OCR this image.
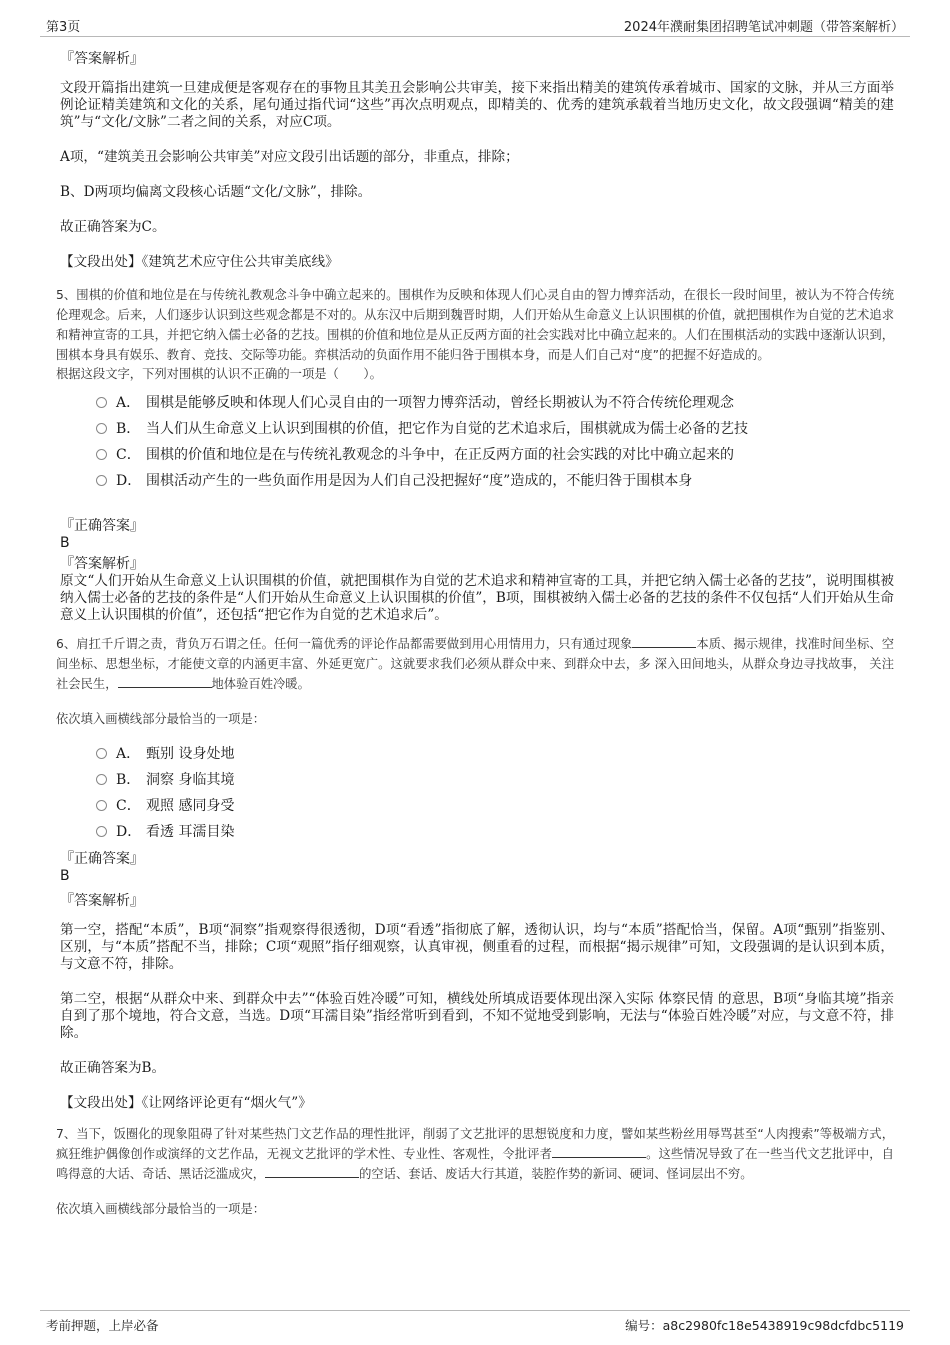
第3页	2024年濮耐集团招聘笔试冲刺题（带答案解析）
『答案解析』

文段开篇指出建筑一旦建成便是客观存在的事物且其美丑会影响公共审美，接下来指出精美的建筑传承着城市、国家的文脉，并从三方面举例论证精美建筑和文化的关系，尾句通过指代词“这些”再次点明观点，即精美的、优秀的建筑承载着当地历史文化，故文段强调“精美的建筑”与“文化/文脉”二者之间的关系，对应C项。

A项，“建筑美丑会影响公共审美”对应文段引出话题的部分，非重点，排除；

B、D两项均偏离文段核心话题“文化/文脉”，排除。

故正确答案为C。

【文段出处】《建筑艺术应守住公共审美底线》

5、围棋的价值和地位是在与传统礼教观念斗争中确立起来的。围棋作为反映和体现人们心灵自由的智力博弈活动，在很长一段时间里，被认为不符合传统伦理观念。后来，人们逐步认识到这些观念都是不对的。从东汉中后期到魏晋时期，人们开始从生命意义上认识围棋的价值，就把围棋作为自觉的艺术追求和精神宣寄的工具，并把它纳入儒士必备的艺技。围棋的价值和地位是从正反两方面的社会实践对比中确立起来的。人们在围棋活动的实践中逐渐认识到，围棋本身具有娱乐、教育、竞技、交际等功能。弈棋活动的负面作用不能归咎于围棋本身，而是人们自己对“度”的把握不好造成的。

根据这段文字，下列对围棋的认识不正确的一项是（　　）。

A． 围棋是能够反映和体现人们心灵自由的一项智力博弈活动，曾经长期被认为不符合传统伦理观念
B． 当人们从生命意义上认识到围棋的价值，把它作为自觉的艺术追求后，围棋就成为儒士必备的艺技
C． 围棋的价值和地位是在与传统礼教观念的斗争中，在正反两方面的社会实践的对比中确立起来的
D． 围棋活动产生的一些负面作用是因为人们自己没把握好“度”造成的，不能归咎于围棋本身
『正确答案』
B
『答案解析』

原文“人们开始从生命意义上认识围棋的价值，就把围棋作为自觉的艺术追求和精神宣寄的工具，并把它纳入儒士必备的艺技”，说明围棋被纳入儒士必备的艺技的条件是“人们开始从生命意义上认识围棋的价值”，B项，围棋被纳入儒士必备的艺技的条件不仅包括“人们开始从生命意义上认识围棋的价值”，还包括“把它作为自觉的艺术追求后”。

6、肩扛千斤谓之责，背负万石谓之任。任何一篇优秀的评论作品都需要做到用心用情用力，只有通过现象	本质、揭示规律，找准时间坐标、空间坐标、思想坐标，才能使文章的内涵更丰富、外延更宽广。这就要求我们必须从群众中来、到群众中去，多 深入田间地头，从群众身边寻找故事， 关注社会民生，	地体验百姓冷暖。

依次填入画横线部分最恰当的一项是：

A． 甄别 设身处地
B． 洞察 身临其境
C． 观照 感同身受
D． 看透 耳濡目染
『正确答案』
B
『答案解析』

第一空，搭配“本质”，B项“洞察”指观察得很透彻，D项“看透”指彻底了解，透彻认识，均与“本质”搭配恰当，保留。A项“甄别”指鉴别、区别，与“本质”搭配不当，排除；C项“观照”指仔细观察，认真审视，侧重看的过程，而根据“揭示规律”可知，文段强调的是认识到本质，与文意不符，排除。

第二空，根据“从群众中来、到群众中去”“体验百姓冷暖”可知，横线处所填成语要体现出深入实际 体察民情 的意思，B项“身临其境”指亲自到了那个境地，符合文意，当选。D项“耳濡目染”指经常听到看到，不知不觉地受到影响，无法与“体验百姓冷暖”对应，与文意不符，排除。

故正确答案为B。

【文段出处】《让网络评论更有“烟火气”》

7、当下，饭圈化的现象阻碍了针对某些热门文艺作品的理性批评，削弱了文艺批评的思想锐度和力度，譬如某些粉丝用辱骂甚至“人肉搜索”等极端方式，疯狂维护偶像创作或演绎的文艺作品，无视文艺批评的学术性、专业性、客观性，令批评者	。这些情况导致了在一些当代文艺批评中，自鸣得意的大话、奇话、黑话泛滥成灾，	的空话、套话、废话大行其道，装腔作势的新词、硬词、怪词层出不穷。

依次填入画横线部分最恰当的一项是：

考前押题，上岸必备	编号：a8c2980fc18e5438919c98dcfdbc5119
